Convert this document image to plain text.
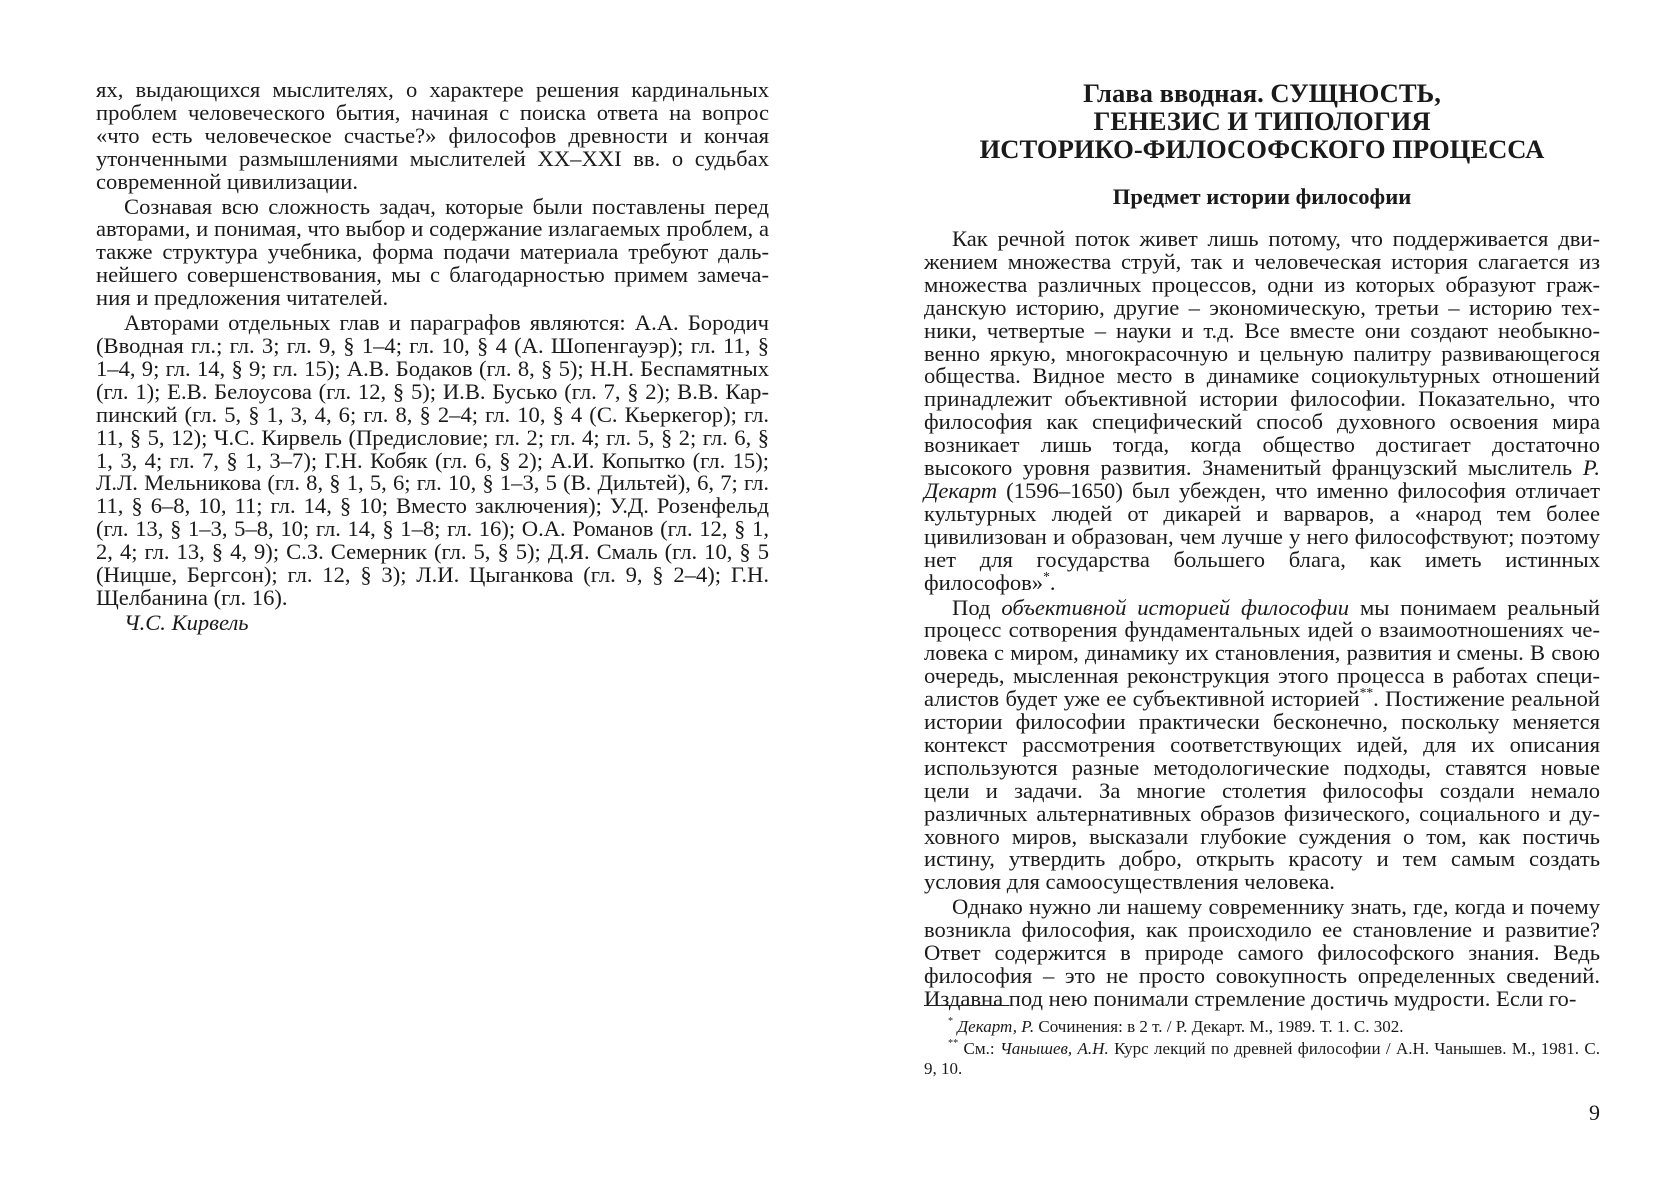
ях, выдающихся мыслителях, о характере решения кардинальных проблем человеческого бытия, начиная с поиска ответа на вопрос «что есть человеческое счастье?» философов древности и кончая утонченными размышлениями мыслителей XX–XXI вв. о судьбах современной цивилизации.

Сознавая всю сложность задач, которые были поставлены перед авторами, и понимая, что выбор и содержание излагаемых проблем, а также структура учебника, форма подачи материала требуют дальнейшего совершенствования, мы с благодарностью примем замечания и предложения читателей.

Авторами отдельных глав и параграфов являются: А.А. Бородич (Вводная гл.; гл. 3; гл. 9, § 1–4; гл. 10, § 4 (А. Шопенгауэр); гл. 11, § 1–4, 9; гл. 14, § 9; гл. 15); А.В. Бодаков (гл. 8, § 5); Н.Н. Беспамятных (гл. 1); Е.В. Белоусова (гл. 12, § 5); И.В. Бусько (гл. 7, § 2); В.В. Карпинский (гл. 5, § 1, 3, 4, 6; гл. 8, § 2–4; гл. 10, § 4 (С. Кьеркегор); гл. 11, § 5, 12); Ч.С. Кирвель (Предисловие; гл. 2; гл. 4; гл. 5, § 2; гл. 6, § 1, 3, 4; гл. 7, § 1, 3–7); Г.Н. Кобяк (гл. 6, § 2); А.И. Копытко (гл. 15); Л.Л. Мельникова (гл. 8, § 1, 5, 6; гл. 10, § 1–3, 5 (В. Дильтей), 6, 7; гл. 11, § 6–8, 10, 11; гл. 14, § 10; Вместо заключения); У.Д. Розенфельд (гл. 13, § 1–3, 5–8, 10; гл. 14, § 1–8; гл. 16); О.А. Романов (гл. 12, § 1, 2, 4; гл. 13, § 4, 9); С.З. Семерник (гл. 5, § 5); Д.Я. Смаль (гл. 10, § 5 (Ницше, Бергсон); гл. 12, § 3); Л.И. Цыганкова (гл. 9, § 2–4); Г.Н. Щелбанина (гл. 16).

Ч.С. Кирвель

Глава вводная. СУЩНОСТЬ,
ГЕНЕЗИС И ТИПОЛОГИЯ
ИСТОРИКО-ФИЛОСОФСКОГО ПРОЦЕССА
Предмет истории философии

Как речной поток живет лишь потому, что поддерживается движением множества струй, так и человеческая история слагается из множества различных процессов, одни из которых образуют гражданскую историю, другие – экономическую, третьи – историю техники, четвертые – науки и т.д. Все вместе они создают необыкновенно яркую, многокрасочную и цельную палитру развивающегося общества. Видное место в динамике социокультурных отношений принадлежит объективной истории философии. Показательно, что философия как специфический способ духовного освоения мира возникает лишь тогда, когда общество достигает достаточно высокого уровня развития. Знаменитый французский мыслитель Р. Декарт (1596–1650) был убежден, что именно философия отличает культурных людей от дикарей и варваров, а «народ тем более цивилизован и образован, чем лучше у него философствуют; поэтому нет для государства большего блага, как иметь истинных философов»*.

Под объективной историей философии мы понимаем реальный процесс сотворения фундаментальных идей о взаимоотношениях человека с миром, динамику их становления, развития и смены. В свою очередь, мысленная реконструкция этого процесса в работах специалистов будет уже ее субъективной историей**. Постижение реальной истории философии практически бесконечно, поскольку меняется контекст рассмотрения соответствующих идей, для их описания используются разные методологические подходы, ставятся новые цели и задачи. За многие столетия философы создали немало различных альтернативных образов физического, социального и духовного миров, высказали глубокие суждения о том, как постичь истину, утвердить добро, открыть красоту и тем самым создать условия для самоосуществления человека.

Однако нужно ли нашему современнику знать, где, когда и почему возникла философия, как происходило ее становление и развитие? Ответ содержится в природе самого философского знания. Ведь философия – это не просто совокупность определенных сведений. Издавна под нею понимали стремление достичь мудрости. Если го-

* Декарт, Р. Сочинения: в 2 т. / Р. Декарт. М., 1989. Т. 1. С. 302.

** См.: Чанышев, А.Н. Курс лекций по древней философии / А.Н. Чанышев. М., 1981. С. 9, 10.

9
